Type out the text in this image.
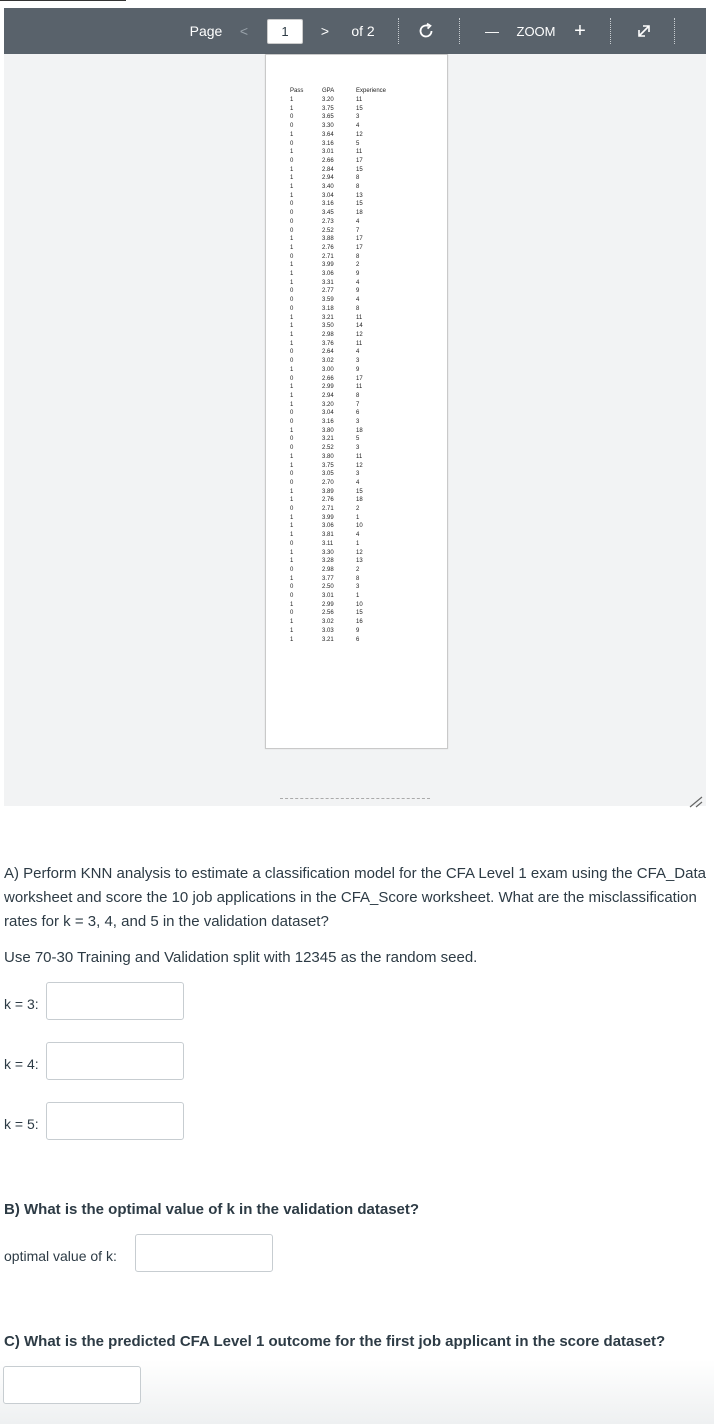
Page	<	1	>	of 2	—	ZOOM +
Pass	GPA	Experience
1	3.20	11
1	3.75	15
0	3.65	3
0	3.30	4
1	3.64	12
0	3.16	5
1	3.01	11
0	2.66	17
1	2.84	15
1	2.94	8
1	3.40	8
1	3.04	13
0	3.16	15
0	3.45	18
0	2.73	4
0	2.52	7
1	3.88	17
1	2.76	17
0	2.71	8
1	3.99	2
1	3.06	9
1	3.31	4
0	2.77	9
0	3.59	4
0	3.18	8
1	3.21	11
1	3.50	14
1	2.98	12
1	3.76	11
0	2.64	4
0	3.02	3
1	3.00	9
0	2.66	17
1	2.99	11
1	2.94	8
1	3.20	7
0	3.04	6
0	3.16	3
1	3.80	18
0	3.21	5
0	2.52	3
1	3.80	11
1	3.75	12
0	3.05	3
0	2.70	4
1	3.89	15
1	2.76	18
0	2.71	2
1	3.99	1
1	3.06	10
1	3.81	4
0	3.11	1
1	3.30	12
1	3.28	13
0	2.98	2
1	3.77	8
0	2.50	3
0	3.01	1
1	2.99	10
0	2.56	15
1	3.02	16
1	3.03	9
1	3.21	6
A) Perform KNN analysis to estimate a classification model for the CFA Level 1 exam using the CFA_Data worksheet and score the 10 job applications in the CFA_Score worksheet. What are the misclassification rates for k = 3, 4, and 5 in the validation dataset?
Use 70-30 Training and Validation split with 12345 as the random seed.
k = 3:
k = 4:
k = 5:
B) What is the optimal value of k in the validation dataset?
optimal value of k:
C) What is the predicted CFA Level 1 outcome for the first job applicant in the score dataset?
